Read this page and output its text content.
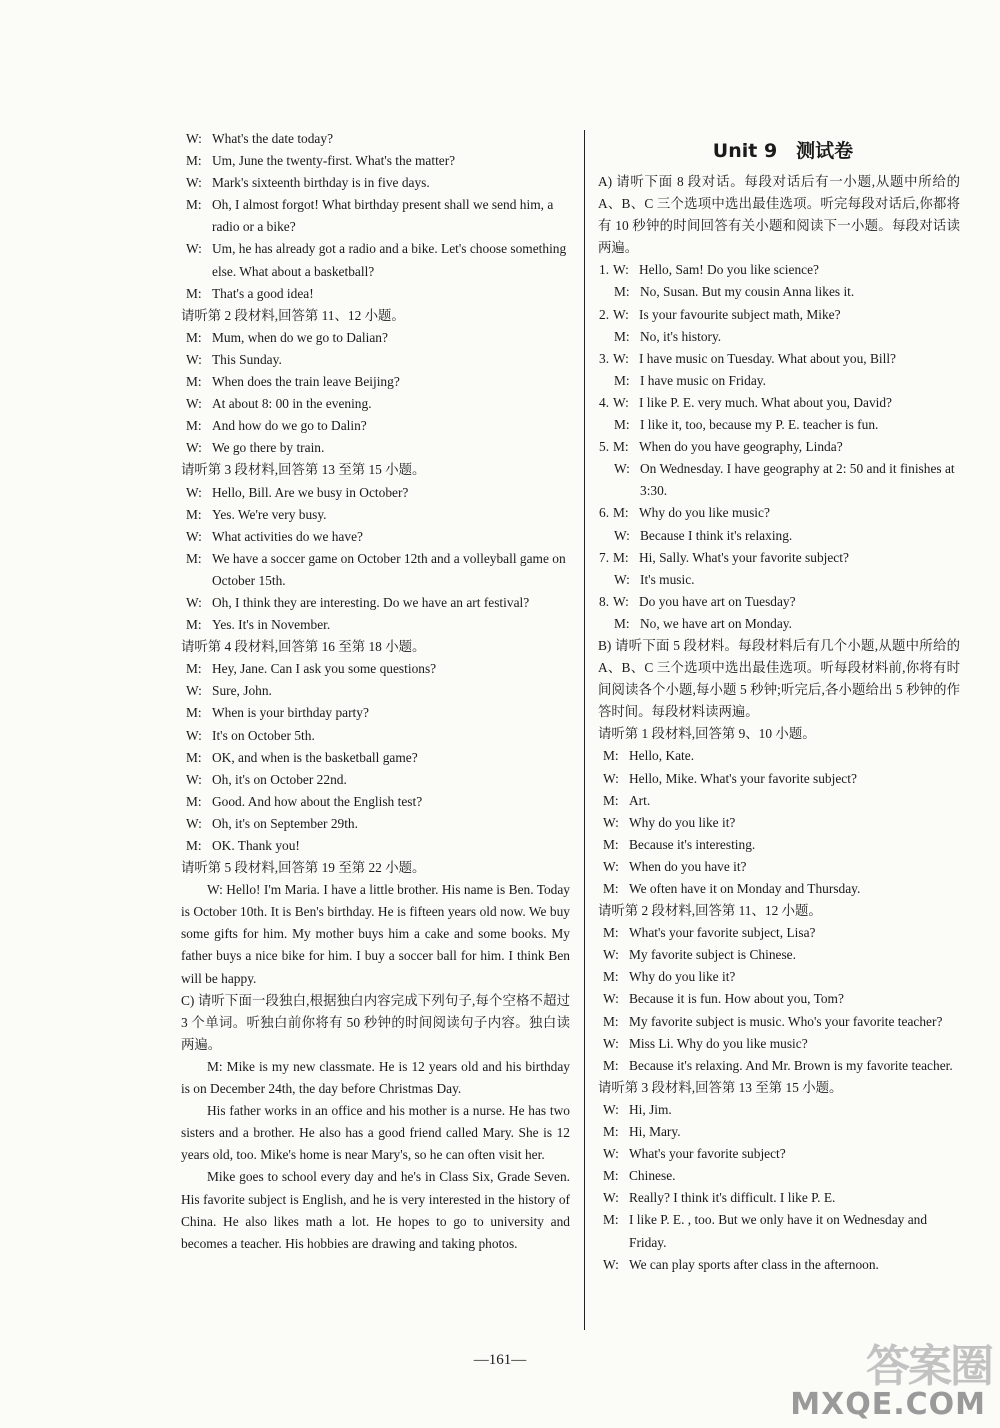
W: What's the date today?
M: Um, June the twenty-first. What's the matter?
W: Mark's sixteenth birthday is in five days.
M: Oh, I almost forgot! What birthday present shall we send him, a radio or a bike?
W: Um, he has already got a radio and a bike. Let's choose something else. What about a basketball?
M: That's a good idea!
请听第 2 段材料,回答第 11、12 小题。
M: Mum, when do we go to Dalian?
W: This Sunday.
M: When does the train leave Beijing?
W: At about 8: 00 in the evening.
M: And how do we go to Dalin?
W: We go there by train.
请听第 3 段材料,回答第 13 至第 15 小题。
W: Hello, Bill. Are we busy in October?
M: Yes. We're very busy.
W: What activities do we have?
M: We have a soccer game on October 12th and a volleyball game on October 15th.
W: Oh, I think they are interesting. Do we have an art festival?
M: Yes. It's in November.
请听第 4 段材料,回答第 16 至第 18 小题。
M: Hey, Jane. Can I ask you some questions?
W: Sure, John.
M: When is your birthday party?
W: It's on October 5th.
M: OK, and when is the basketball game?
W: Oh, it's on October 22nd.
M: Good. And how about the English test?
W: Oh, it's on September 29th.
M: OK. Thank you!
请听第 5 段材料,回答第 19 至第 22 小题。
W: Hello! I'm Maria. I have a little brother. His name is Ben. Today is October 10th. It is Ben's birthday. He is fifteen years old now. We buy some gifts for him. My mother buys him a cake and some books. My father buys a nice bike for him. I buy a soccer ball for him. I think Ben will be happy.
C) 请听下面一段独白,根据独白内容完成下列句子,每个空格不超过 3 个单词。听独白前你将有 50 秒钟的时间阅读句子内容。独白读两遍。
M: Mike is my new classmate. He is 12 years old and his birthday is on December 24th, the day before Christmas Day.
His father works in an office and his mother is a nurse. He has two sisters and a brother. He also has a good friend called Mary. She is 12 years old, too. Mike's home is near Mary's, so he can often visit her.
Mike goes to school every day and he's in Class Six, Grade Seven. His favorite subject is English, and he is very interested in the history of China. He also likes math a lot. He hopes to go to university and becomes a teacher. His hobbies are drawing and taking photos.
Unit 9　测试卷
A) 请听下面 8 段对话。每段对话后有一小题,从题中所给的 A、B、C 三个选项中选出最佳选项。听完每段对话后,你都将有 10 秒钟的时间回答有关小题和阅读下一小题。每段对话读两遍。
1. W: Hello, Sam! Do you like science?
M: No, Susan. But my cousin Anna likes it.
2. W: Is your favourite subject math, Mike?
M: No, it's history.
3. W: I have music on Tuesday. What about you, Bill?
M: I have music on Friday.
4. W: I like P. E. very much. What about you, David?
M: I like it, too, because my P. E. teacher is fun.
5. M: When do you have geography, Linda?
W: On Wednesday. I have geography at 2: 50 and it finishes at 3:30.
6. M: Why do you like music?
W: Because I think it's relaxing.
7. M: Hi, Sally. What's your favorite subject?
W: It's music.
8. W: Do you have art on Tuesday?
M: No, we have art on Monday.
B) 请听下面 5 段材料。每段材料后有几个小题,从题中所给的 A、B、C 三个选项中选出最佳选项。听每段材料前,你将有时间阅读各个小题,每小题 5 秒钟;听完后,各小题给出 5 秒钟的作答时间。每段材料读两遍。
请听第 1 段材料,回答第 9、10 小题。
M: Hello, Kate.
W: Hello, Mike. What's your favorite subject?
M: Art.
W: Why do you like it?
M: Because it's interesting.
W: When do you have it?
M: We often have it on Monday and Thursday.
请听第 2 段材料,回答第 11、12 小题。
M: What's your favorite subject, Lisa?
W: My favorite subject is Chinese.
M: Why do you like it?
W: Because it is fun. How about you, Tom?
M: My favorite subject is music. Who's your favorite teacher?
W: Miss Li. Why do you like music?
M: Because it's relaxing. And Mr. Brown is my favorite teacher.
请听第 3 段材料,回答第 13 至第 15 小题。
W: Hi, Jim.
M: Hi, Mary.
W: What's your favorite subject?
M: Chinese.
W: Really? I think it's difficult. I like P. E.
M: I like P. E. , too. But we only have it on Wednesday and Friday.
W: We can play sports after class in the afternoon.
—161—	答案圈
MXQE.COM
